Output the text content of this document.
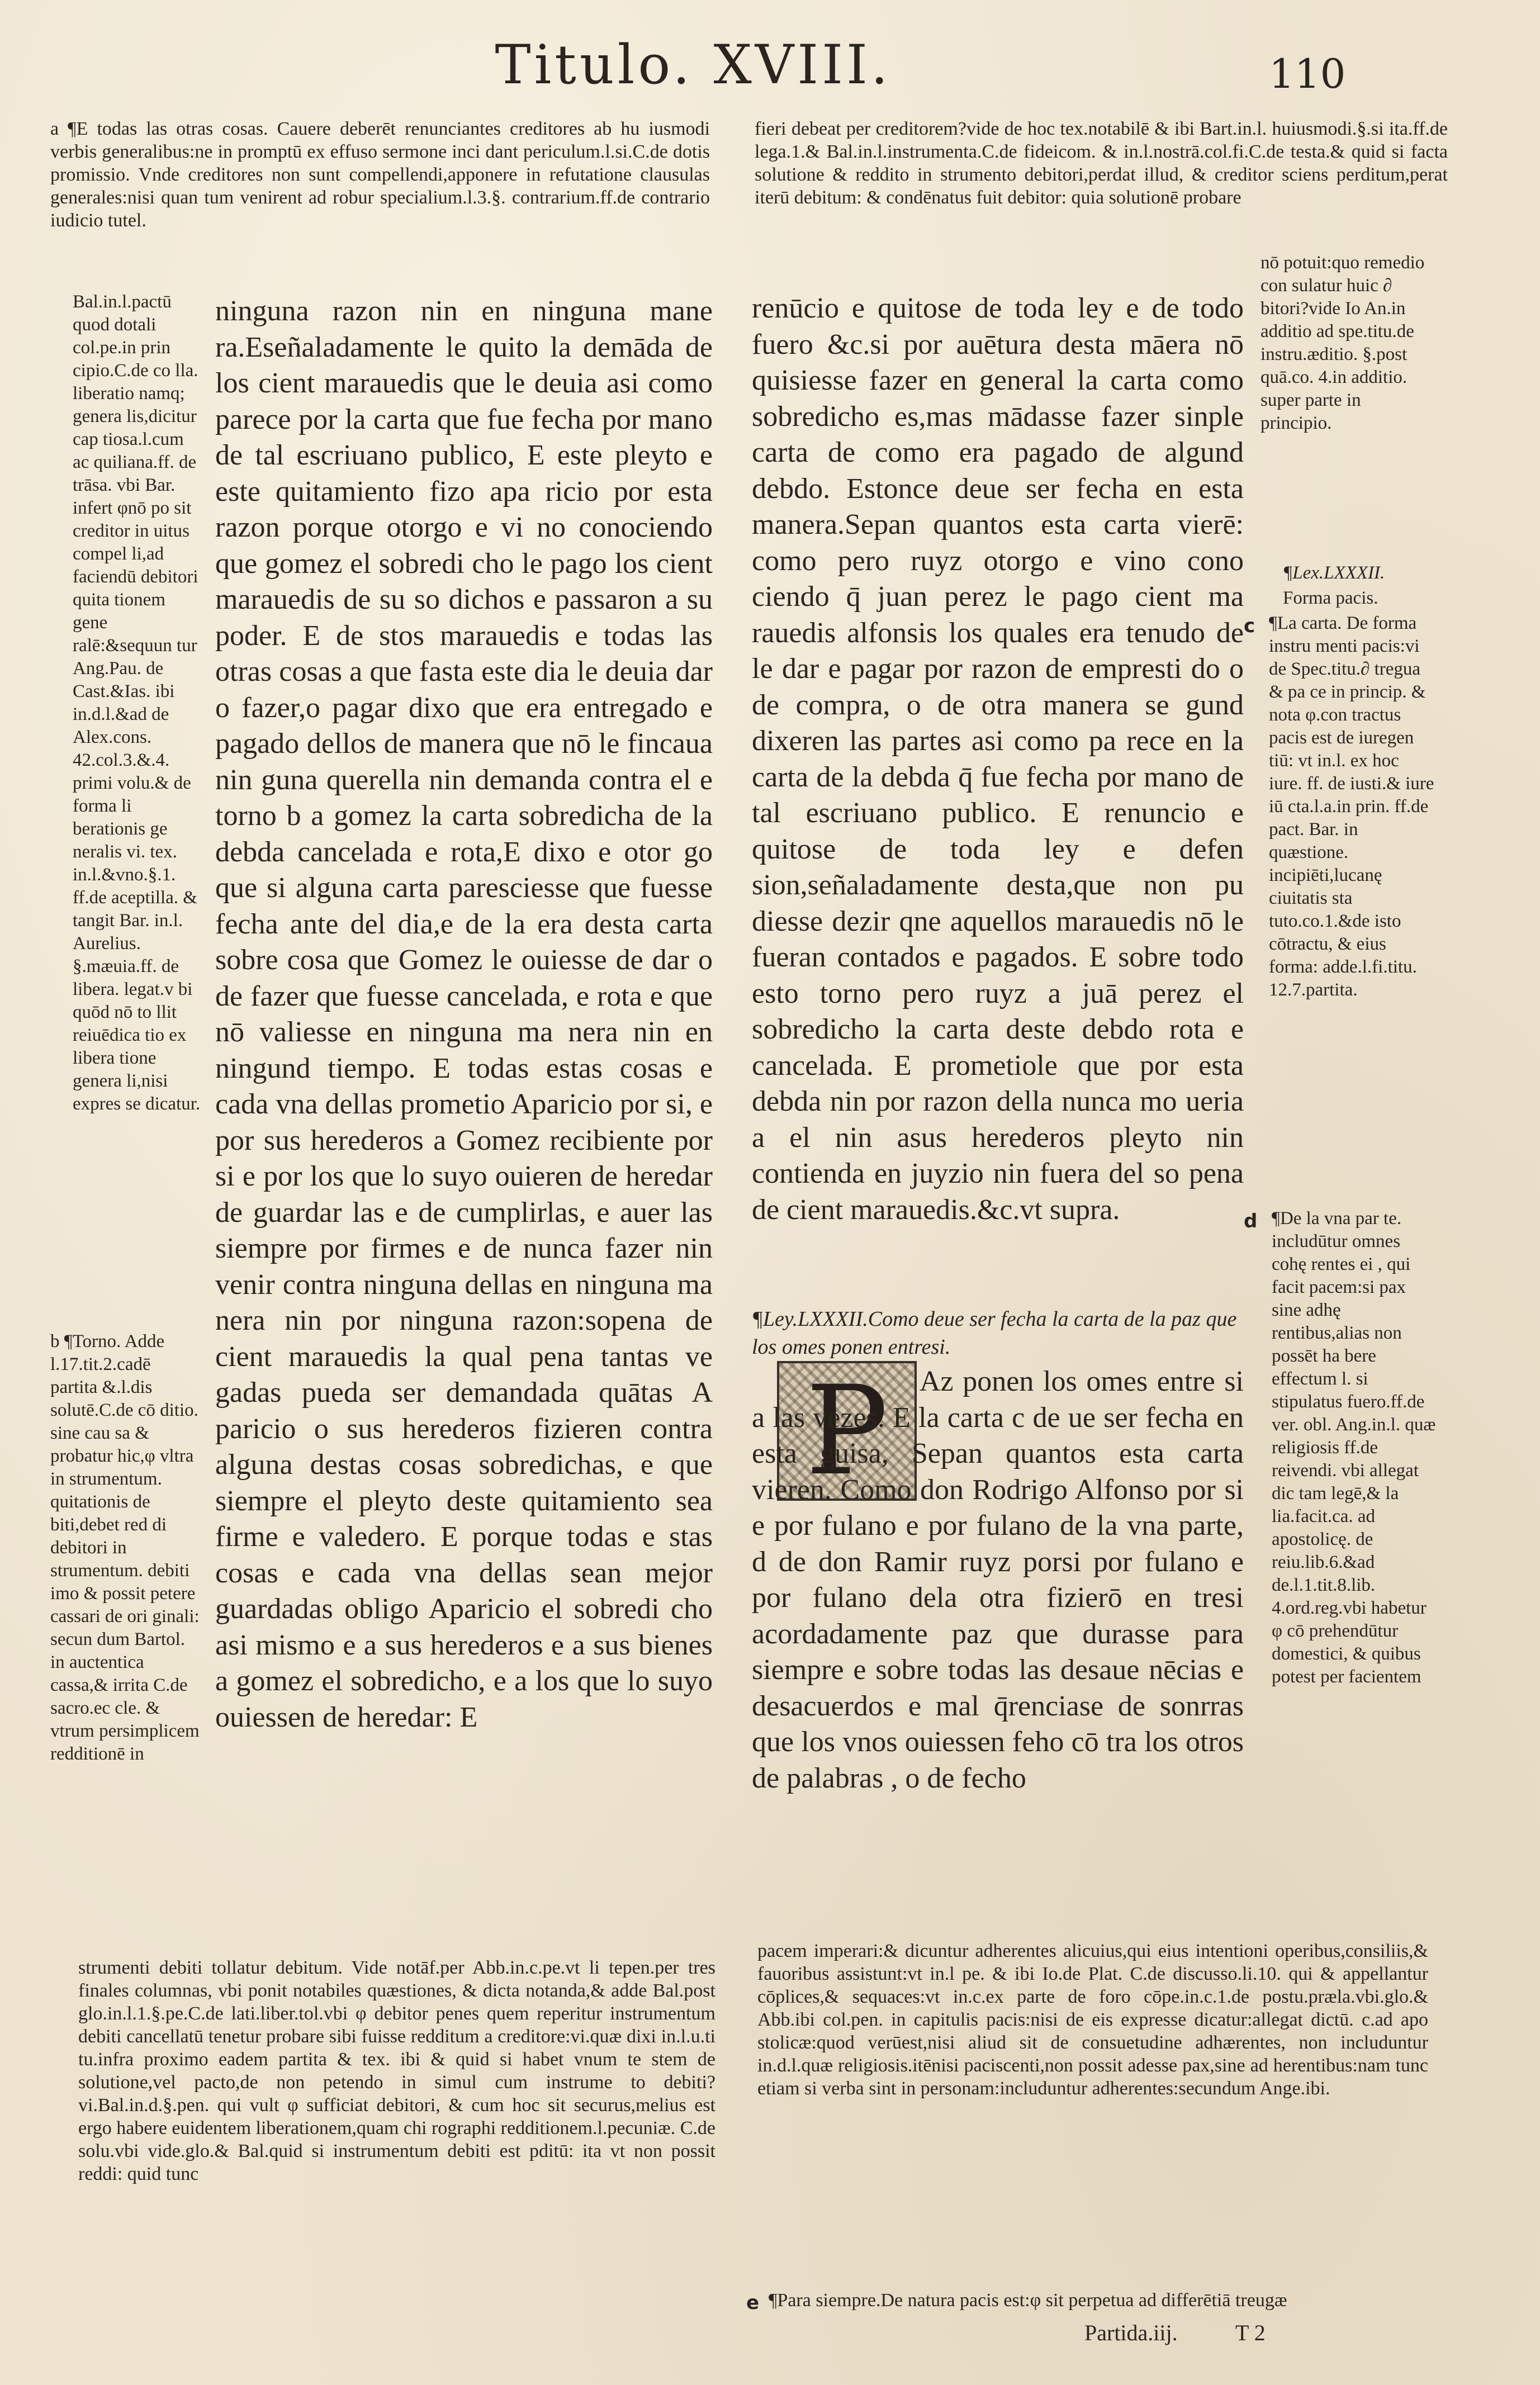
Titulo. XVIII.	110
a ¶E todas las otras cosas. Cauere deberēt renunciantes creditores ab hu iusmodi verbis generalibus:ne in promptū ex effuso sermone inci dant periculum.l.si.C.de dotis promissio. Vnde creditores non sunt compellendi,apponere in refutatione clausulas generales:nisi quan tum venirent ad robur specialium.l.3.§. contrarium.ff.de contrario iudicio tutel.
Bal.in.l.pactū quod dotali col.pe.in prin cipio.C.de co lla. liberatio namq; genera lis,dicitur cap tiosa.l.cum ac quiliana.ff. de trāsa. vbi Bar. infert φnō po sit creditor in uitus compel li,ad faciendū debitori quita tionem gene ralē:&sequun tur Ang.Pau. de Cast.&Ias. ibi in.d.l.&ad de Alex.cons. 42.col.3.&.4. primi volu.& de forma li berationis ge neralis vi. tex. in.l.&vno.§.1. ff.de aceptilla. & tangit Bar. in.l. Aurelius. §.mæuia.ff. de libera. legat.v bi quōd nō to llit reiuēdica tio ex libera tione genera li,nisi expres se dicatur.
b ¶Torno. Adde l.17.tit.2.cadē partita &.l.dis solutē.C.de cō ditio. sine cau sa & probatur hic,φ vltra in strumentum. quitationis de biti,debet red di debitori in strumentum. debiti imo & possit petere cassari de ori ginali: secun dum Bartol. in auctentica cassa,& irrita C.de sacro.ec cle. & vtrum persimplicem redditionē in
ninguna razon nin en ninguna mane ra.Eseñaladamente le quito la demāda de los cient marauedis que le deuia asi como parece por la carta que fue fecha por mano de tal escriuano publico, E este pleyto e este quitamiento fizo apa ricio por esta razon porque otorgo e vi no conociendo que gomez el sobredi cho le pago los cient marauedis de su so dichos e passaron a su poder. E de stos marauedis e todas las otras cosas a que fasta este dia le deuia dar o fazer,o pagar dixo que era entregado e pagado dellos de manera que nō le fincaua nin guna querella nin demanda contra el e torno b a gomez la carta sobredicha de la debda cancelada e rota,E dixo e otor go que si alguna carta paresciesse que fuesse fecha ante del dia,e de la era desta carta sobre cosa que Gomez le ouiesse de dar o de fazer que fuesse cancelada, e rota e que nō valiesse en ninguna ma nera nin en ningund tiempo. E todas estas cosas e cada vna dellas prometio Aparicio por si, e por sus herederos a Gomez recibiente por si e por los que lo suyo ouieren de heredar de guardar las e de cumplirlas, e auer las siempre por firmes e de nunca fazer nin venir contra ninguna dellas en ninguna ma nera nin por ninguna razon:sopena de cient marauedis la qual pena tantas ve gadas pueda ser demandada quātas A paricio o sus herederos fizieren contra alguna destas cosas sobredichas, e que siempre el pleyto deste quitamiento sea firme e valedero. E porque todas e stas cosas e cada vna dellas sean mejor guardadas obligo Aparicio el sobredi cho asi mismo e a sus herederos e a sus bienes a gomez el sobredicho, e a los que lo suyo ouiessen de heredar: E
strumenti debiti tollatur debitum. Vide notāf.per Abb.in.c.pe.vt li tepen.per tres finales columnas, vbi ponit notabiles quæstiones, & dicta notanda,& adde Bal.post glo.in.l.1.§.pe.C.de lati.liber.tol.vbi φ debitor penes quem reperitur instrumentum debiti cancellatū tenetur probare sibi fuisse redditum a creditore:vi.quæ dixi in.l.u.ti tu.infra proximo eadem partita & tex. ibi & quid si habet vnum te stem de solutione,vel pacto,de non petendo in simul cum instrume to debiti?vi.Bal.in.d.§.pen. qui vult φ sufficiat debitori, & cum hoc sit securus,melius est ergo habere euidentem liberationem,quam chi rographi redditionem.l.pecuniæ. C.de solu.vbi vide.glo.& Bal.quid si instrumentum debiti est pditū: ita vt non possit reddi: quid tunc
fieri debeat per creditorem?vide de hoc tex.notabilē & ibi Bart.in.l. huiusmodi.§.si ita.ff.de lega.1.& Bal.in.l.instrumenta.C.de fideicom. & in.l.nostrā.col.fi.C.de testa.& quid si facta solutione & reddito in strumento debitori,perdat illud, & creditor sciens perditum,perat iterū debitum: & condēnatus fuit debitor: quia solutionē probare
renūcio e quitose de toda ley e de todo fuero &c.si por auētura desta māera nō quisiesse fazer en general la carta como sobredicho es,mas mādasse fazer sinple carta de como era pagado de algund debdo. Estonce deue ser fecha en esta manera.Sepan quantos esta carta vierē: como pero ruyz otorgo e vino cono ciendo q̄ juan perez le pago cient ma rauedis alfonsis los quales era tenudo de le dar e pagar por razon de empresti do o de compra, o de otra manera se gund dixeren las partes asi como pa rece en la carta de la debda q̄ fue fecha por mano de tal escriuano publico. E renuncio e quitose de toda ley e defen sion,señaladamente desta,que non pu diesse dezir qne aquellos marauedis nō le fueran contados e pagados. E sobre todo esto torno pero ruyz a juā perez el sobredicho la carta deste debdo rota e cancelada. E prometiole que por esta debda nin por razon della nunca mo ueria a el nin asus herederos pleyto nin contienda en juyzio nin fuera del so pena de cient marauedis.&c.vt supra.
¶Ley.LXXXII.Como deue ser fecha la carta de la paz que los omes ponen entresi.
P	Az ponen los omes entre si a las vezes. E la carta c de ue ser fecha en esta guisa, Sepan quantos esta carta vieren. Como don Rodrigo Alfonso por si e por fulano e por fulano de la vna parte, d de don Ramir ruyz porsi por fulano e por fulano dela otra fizierō en tresi acordadamente paz que durasse para siempre e sobre todas las desaue nēcias e desacuerdos e mal q̄renciase de sonrras que los vnos ouiessen feho cō tra los otros de palabras , o de fecho
pacem imperari:& dicuntur adherentes alicuius,qui eius intentioni operibus,consiliis,& fauoribus assistunt:vt in.l pe. & ibi Io.de Plat. C.de discusso.li.10. qui & appellantur cōplices,& sequaces:vt in.c.ex parte de foro cōpe.in.c.1.de postu.præla.vbi.glo.& Abb.ibi col.pen. in capitulis pacis:nisi de eis expresse dicatur:allegat dictū. c.ad apo stolicæ:quod verūest,nisi aliud sit de consuetudine adhærentes, non includuntur in.d.l.quæ religiosis.itēnisi paciscenti,non possit adesse pax,sine ad herentibus:nam tunc etiam si verba sint in personam:includuntur adherentes:secundum Ange.ibi.
nō potuit:quo remedio con sulatur huic ∂ bitori?vide Io An.in additio ad spe.titu.de instru.æditio. §.post quā.co. 4.in additio. super parte in principio.
¶Lex.LXXXII.
Forma pacis.
¶La carta. De forma instru menti pacis:vi de Spec.titu.∂ tregua & pa ce in princip. & nota φ.con tractus pacis est de iuregen tiū: vt in.l. ex hoc iure. ff. de iusti.& iure iū cta.l.a.in prin. ff.de pact. Bar. in quæstione. incipiēti,lucanę ciuitatis sta tuto.co.1.&de isto cōtractu, & eius forma: adde.l.fi.titu. 12.7.partita.
¶De la vna par te. includūtur omnes cohę rentes ei , qui facit pacem:si pax sine adhę rentibus,alias non possēt ha bere effectum l. si stipulatus fuero.ff.de ver. obl. Ang.in.l. quæ religiosis ff.de reivendi. vbi allegat dic tam legē,& la lia.facit.ca. ad apostolicę. de reiu.lib.6.&ad de.l.1.tit.8.lib. 4.ord.reg.vbi habetur φ cō prehendūtur domestici, & quibus potest per facientem
c
d
e ¶Para siempre.De natura pacis est:φ sit perpetua ad differētiā treugæ
Partida.iij.	T 2
